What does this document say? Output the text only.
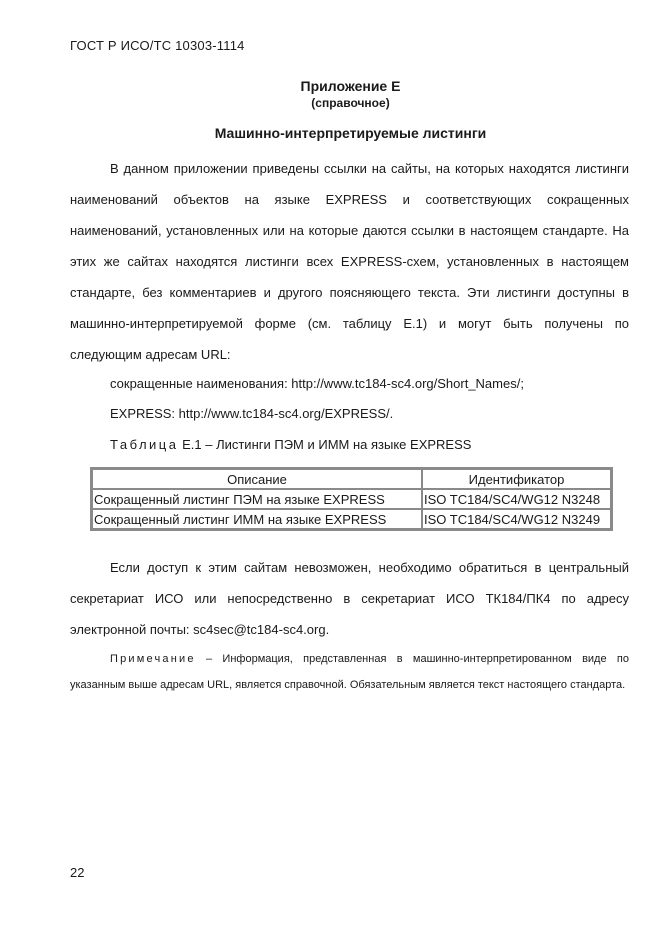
ГОСТ Р ИСО/ТС 10303-1114
Приложение Е
(справочное)
Машинно-интерпретируемые листинги
В данном приложении приведены ссылки на сайты, на которых находятся листинги наименований объектов на языке EXPRESS и соответствующих сокращенных наименований, установленных или на которые даются ссылки в настоящем стандарте. На этих же сайтах находятся листинги всех EXPRESS-схем, установленных в настоящем стандарте, без комментариев и другого поясняющего текста. Эти листинги доступны в машинно-интерпретируемой форме (см. таблицу Е.1) и могут быть получены по следующим адресам URL:
сокращенные наименования: http://www.tc184-sc4.org/Short_Names/;
EXPRESS: http://www.tc184-sc4.org/EXPRESS/.
Таблица Е.1 – Листинги ПЭМ и ИММ на языке EXPRESS
Описание	Идентификатор
Сокращенный листинг ПЭМ на языке EXPRESS	ISO TC184/SC4/WG12 N3248
Сокращенный листинг ИММ на языке EXPRESS	ISO TC184/SC4/WG12 N3249
Если доступ к этим сайтам невозможен, необходимо обратиться в центральный секретариат ИСО или непосредственно в секретариат ИСО ТК184/ПК4 по адресу электронной почты: sc4sec@tc184-sc4.org.
Примечание – Информация, представленная в машинно-интерпретированном виде по указанным выше адресам URL, является справочной. Обязательным является текст настоящего стандарта.
22
